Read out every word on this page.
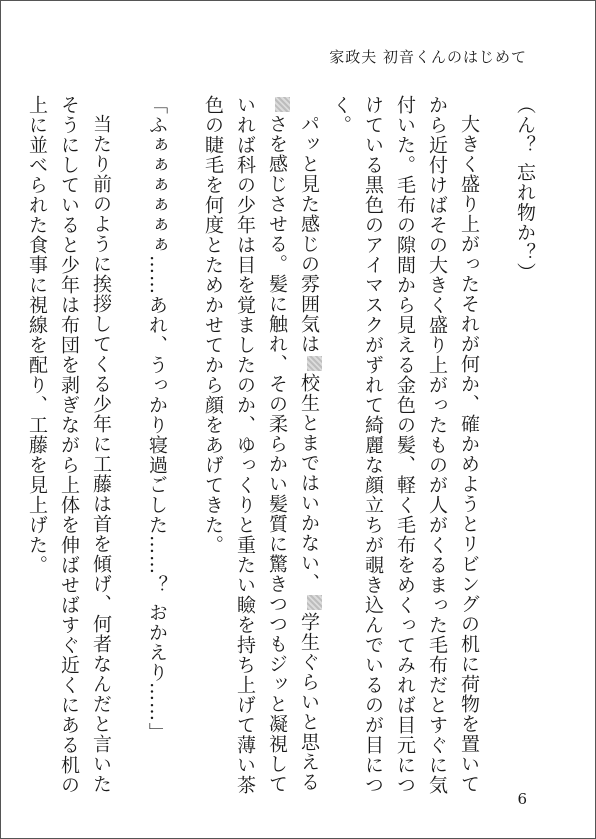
家政夫 初音くんのはじめて

（ん？ 忘れ物か？）

大きく盛り上がったそれが何か、確かめようとリビングの机に荷物を置いてから近付けばその大きく盛り上がったものが人がくるまった毛布だとすぐに気付いた。毛布の隙間から見える金色の髪、軽く毛布をめくってみれば目元につけている黒色のアイマスクがずれて綺麗な顔立ちが覗き込んでいるのが目につく。

パッと見た感じの雰囲気は校生とまではいかない、学生ぐらいと思えるさを感じさせる。髪に触れ、その柔らかい髪質に驚きつつもジッと凝視していれば科の少年は目を覚ましたのか、ゆっくりと重たい瞼を持ち上げて薄い茶色の睫毛を何度とためかせてから顔をあげてきた。

「ふぁぁぁぁぁぁ……あれ、うっかり寝過ごした……？ おかえり……」

当たり前のように挨拶してくる少年に工藤は首を傾げ、何者なんだと言いたそうにしていると少年は布団を剥ぎながら上体を伸ばせばすぐ近くにある机の上に並べられた食事に視線を配り、工藤を見上げた。

6
